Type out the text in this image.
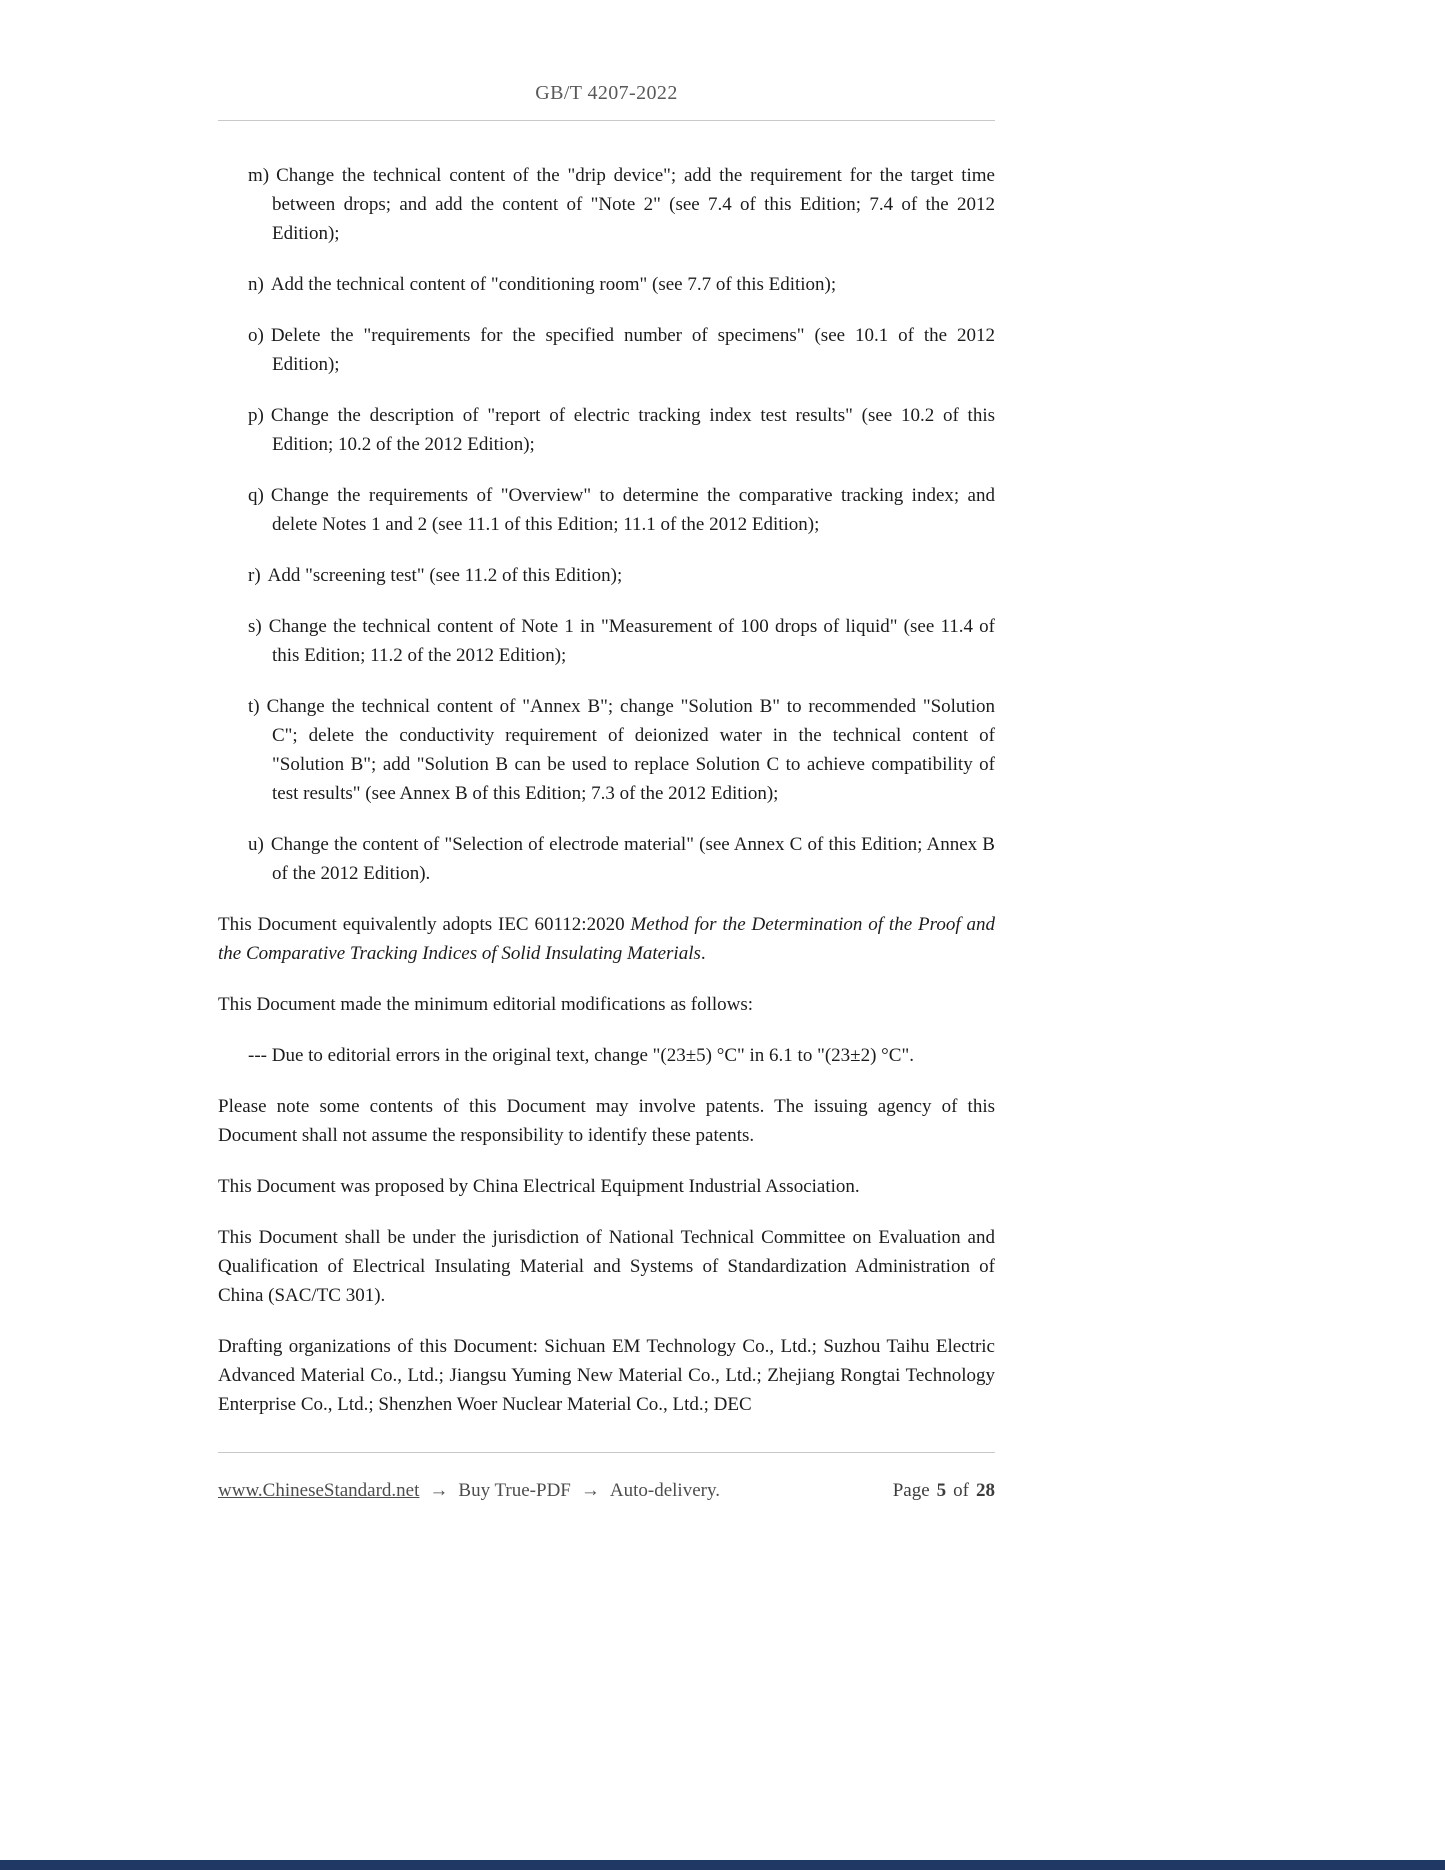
GB/T 4207-2022
m) Change the technical content of the "drip device"; add the requirement for the target time between drops; and add the content of "Note 2" (see 7.4 of this Edition; 7.4 of the 2012 Edition);
n) Add the technical content of "conditioning room" (see 7.7 of this Edition);
o) Delete the "requirements for the specified number of specimens" (see 10.1 of the 2012 Edition);
p) Change the description of "report of electric tracking index test results" (see 10.2 of this Edition; 10.2 of the 2012 Edition);
q) Change the requirements of "Overview" to determine the comparative tracking index; and delete Notes 1 and 2 (see 11.1 of this Edition; 11.1 of the 2012 Edition);
r) Add "screening test" (see 11.2 of this Edition);
s) Change the technical content of Note 1 in "Measurement of 100 drops of liquid" (see 11.4 of this Edition; 11.2 of the 2012 Edition);
t) Change the technical content of "Annex B"; change "Solution B" to recommended "Solution C"; delete the conductivity requirement of deionized water in the technical content of "Solution B"; add "Solution B can be used to replace Solution C to achieve compatibility of test results" (see Annex B of this Edition; 7.3 of the 2012 Edition);
u) Change the content of "Selection of electrode material" (see Annex C of this Edition; Annex B of the 2012 Edition).
This Document equivalently adopts IEC 60112:2020 Method for the Determination of the Proof and the Comparative Tracking Indices of Solid Insulating Materials.
This Document made the minimum editorial modifications as follows:
--- Due to editorial errors in the original text, change "(23±5) °C" in 6.1 to "(23±2) °C".
Please note some contents of this Document may involve patents. The issuing agency of this Document shall not assume the responsibility to identify these patents.
This Document was proposed by China Electrical Equipment Industrial Association.
This Document shall be under the jurisdiction of National Technical Committee on Evaluation and Qualification of Electrical Insulating Material and Systems of Standardization Administration of China (SAC/TC 301).
Drafting organizations of this Document: Sichuan EM Technology Co., Ltd.; Suzhou Taihu Electric Advanced Material Co., Ltd.; Jiangsu Yuming New Material Co., Ltd.; Zhejiang Rongtai Technology Enterprise Co., Ltd.; Shenzhen Woer Nuclear Material Co., Ltd.; DEC
www.ChineseStandard.net → Buy True-PDF → Auto-delivery.	Page 5 of 28
